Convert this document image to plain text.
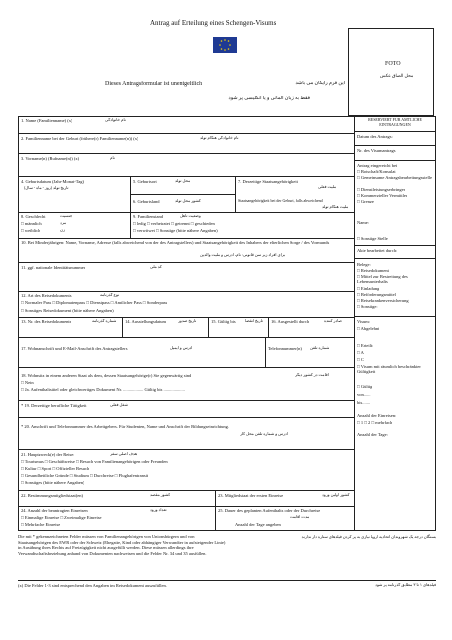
Antrag auf Erteilung eines Schengen-Visums
FOTO
محل الصاق عکس
این فرم رایگان می باشد
Dieses Antragsformular ist unentgeltlich
فقط به زبان المانی و یا انگلیسی پر شود
RESERVIERT FÜR AMTLICHE EINTRAGUNGEN
Datum des Antrags:
Nr. des Visumantrags
Antrag eingereicht bei
□ Botschaft/Konsulat
□ Gemeinsame Antragsbearbeitungsstelle
□ Dienstleistungserbringer
□ Kommerzieller Vermittler
□ Grenze
Name:
□ Sonstige Stelle
Akte bearbeitet durch:
Belege:
□ Reisedokument
□ Mittel zur Bestreitung des Lebensunterhalts
□ Einladung
□ Beförderungsmittel
□ Reisekrankenversicherung
□ Sonstige:
Visum:
□ Abgelehnt
□ Erteilt:
□ A
□ C
□ Visum mit räumlich beschränkter Gültigkeit
□ Gültig
von......
bis.......
Anzahl der Einreisen:
□ 1 □ 2 □ mehrfach
Anzahl der Tage:
1. Name (Familienname) (x)	نام خانوادگی
2. Familienname bei der Geburt (frühere(r) Familienname(n)) (x)	نام خانوادگی هنگام تولد
3. Vorname(n) (Rufname(n)) (x)	نام
4. Geburtsdatum (Jahr-Monat-Tag)
تاریخ تولد (روز - ماه - سال)
5. Geburtsort	محل تولد
6. Geburtsland	کشور محل تولد
7. Derzeitige Staatsangehörigkeit
ملیت فعلی
Staatsangehörigkeit bei der Geburt, falls abweichend
ملیت هنگام تولد
8. Geschlecht	جنسیت
□ männlich	مرد
□ weiblich	زن
9. Familienstand	وضعیت تاهل
□ ledig □ verheiratet □ getrennt □ geschieden
□ verwitwet □ Sonstige (bitte nähere Angaben)
10. Bei Minderjährigen: Name, Vorname, Adresse (falls abweichend von der des Antragstellers) und Staatsangehörigkeit des Inhabers der elterlichen Sorge / des Vormunds
برای افراد زیر سن قانونی: نام، آدرس و ملیت والدین
11. ggf. nationale Identitätsnummer	کد ملی
12. Art des Reisedokuments	نوع گذرنامه
□ Normaler Pass □ Diplomatenpass □ Dienstpass □ Amtlicher Pass □ Sonderpass
□ Sonstiges Reisedokument (bitte nähere Angaben)
13. Nr. des Reisedokuments	شماره گذرنامه 14. Ausstellungsdatum	تاریخ صدور	15. Gültig bis تاریخ انقضا 16. Ausgestellt durch	صادر کننده
17. Wohnanschrift und E-Mail-Anschrift des Antragstellers	آدرس و ایمیل	Telefonnummer(n) شماره تلفن
18. Wohnsitz in einem anderen Staat als dem, dessen Staatsangehörige(r) Sie gegenwärtig sind	اقامت در کشور دیگر
□ Nein
□ Ja. Aufenthaltstitel oder gleichwertiges Dokument Nr. .................. Gültig bis ...................
* 19. Derzeitige berufliche Tätigkeit	شغل فعلی
* 20. Anschrift und Telefonnummer des Arbeitgebers. Für Studenten, Name und Anschrift der Bildungseinrichtung.
آدرس و شماره تلفن محل کار
21. Hauptzweck(e) der Reise:	هدف اصلی سفر
□ Tourismus □ Geschäftsreise □ Besuch von Familienangehörigen oder Freunden
□ Kultur □ Sport □ Offizieller Besuch
□ Gesundheitliche Gründe □ Studium □ Durchreise □ Flughafentransit
□ Sonstiges (bitte nähere Angaben)
22. Bestimmungsmitgliedstaat(en)	کشور مقصد	23. Mitgliedstaat der ersten Einreise	کشور اولین ورود
24. Anzahl der beantragten Einreisen	تعداد ورود
□ Einmalige Einreise □ Zweimalige Einreise
□ Mehrfache Einreise
25. Dauer des geplanten Aufenthalts oder der Durchreise
مدت اقامت
Anzahl der Tage angeben
Die mit * gekennzeichneten Felder müssen von Familienangehörigen von Unionsbürgern und von Staatsangehörigen des EWR oder der Schweiz (Ehegatte, Kind oder abhängiger Verwandter in aufsteigender Linie) in Ausübung ihres Rechts auf Freizügigkeit nicht ausgefüllt werden. Diese müssen allerdings ihre Verwandtschaftsbeziehung anhand von Dokumenten nachweisen und die Felder Nr. 34 und 35 ausfüllen.
بستگان درجه یک شهروندان اتحادیه اروپا نیازی به پر کردن فیلدهای ستاره دار ندارند
(x) Die Felder 1-3 sind entsprechend den Angaben im Reisedokument auszufüllen.	فیلدهای ۱ تا ۳ مطابق گذرنامه پر شود
